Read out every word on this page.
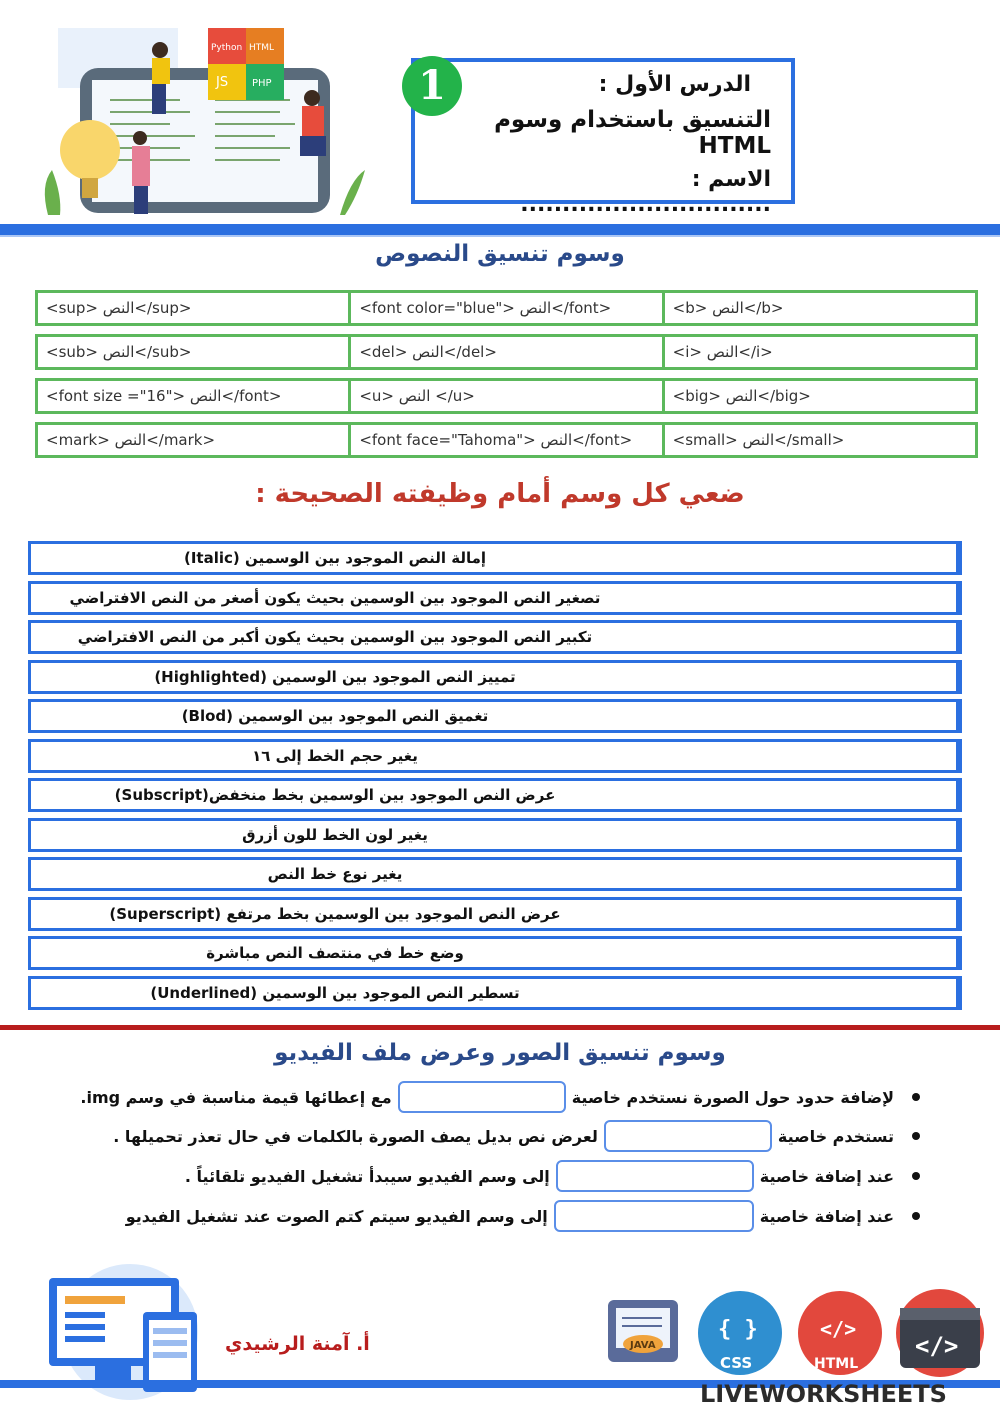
Python HTML
JS PHP	الدرس الأول :
التنسيق باستخدام وسوم HTML
الاسم : ..............................
1
وسوم تنسيق النصوص
<sup> النص</sup>	<font color="blue"> النص</font>	<b> النص</b>
<sub> النص</sub>	<del> النص</del>	<i> النص</i>
<font size ="16"> النص</font>	<u> النص </u>	<big> النص</big>
<mark> النص</mark>	<font face="Tahoma"> النص</font>	<small> النص</small>
ضعي كل وسم أمام وظيفته الصحيحة :
إمالة النص الموجود بين الوسمين (Italic)
تصغير النص الموجود بين الوسمين بحيث يكون أصغر من النص الافتراضي
تكبير النص الموجود بين الوسمين بحيث يكون أكبر من النص الافتراضي
تمييز النص الموجود بين الوسمين (Highlighted)
تغميق النص الموجود بين الوسمين (Blod)
يغير حجم الخط إلى ١٦
عرض النص الموجود بين الوسمين بخط منخفض(Subscript)
يغير لون الخط للون أزرق
يغير نوع خط النص
عرض النص الموجود بين الوسمين بخط مرتفع (Superscript)
وضع خط في منتصف النص مباشرة
تسطير النص الموجود بين الوسمين (Underlined)
وسوم تنسيق الصور وعرض ملف الفيديو
لإضافة حدود حول الصورة نستخدم خاصية
مع إعطائها قيمة مناسبة في وسم img.
تستخدم خاصية
لعرض نص بديل يصف الصورة بالكلمات في حال تعذر تحميلها .
عند إضافة خاصية
إلى وسم الفيديو سيبدأ تشغيل الفيديو تلقائياً .
عند إضافة خاصية
إلى وسم الفيديو سيتم كتم الصوت عند تشغيل الفيديو
أ. آمنة الرشيدي	JAVA
{ }
CSS
</>
HTML
</>
LIVEWORKSHEETS
